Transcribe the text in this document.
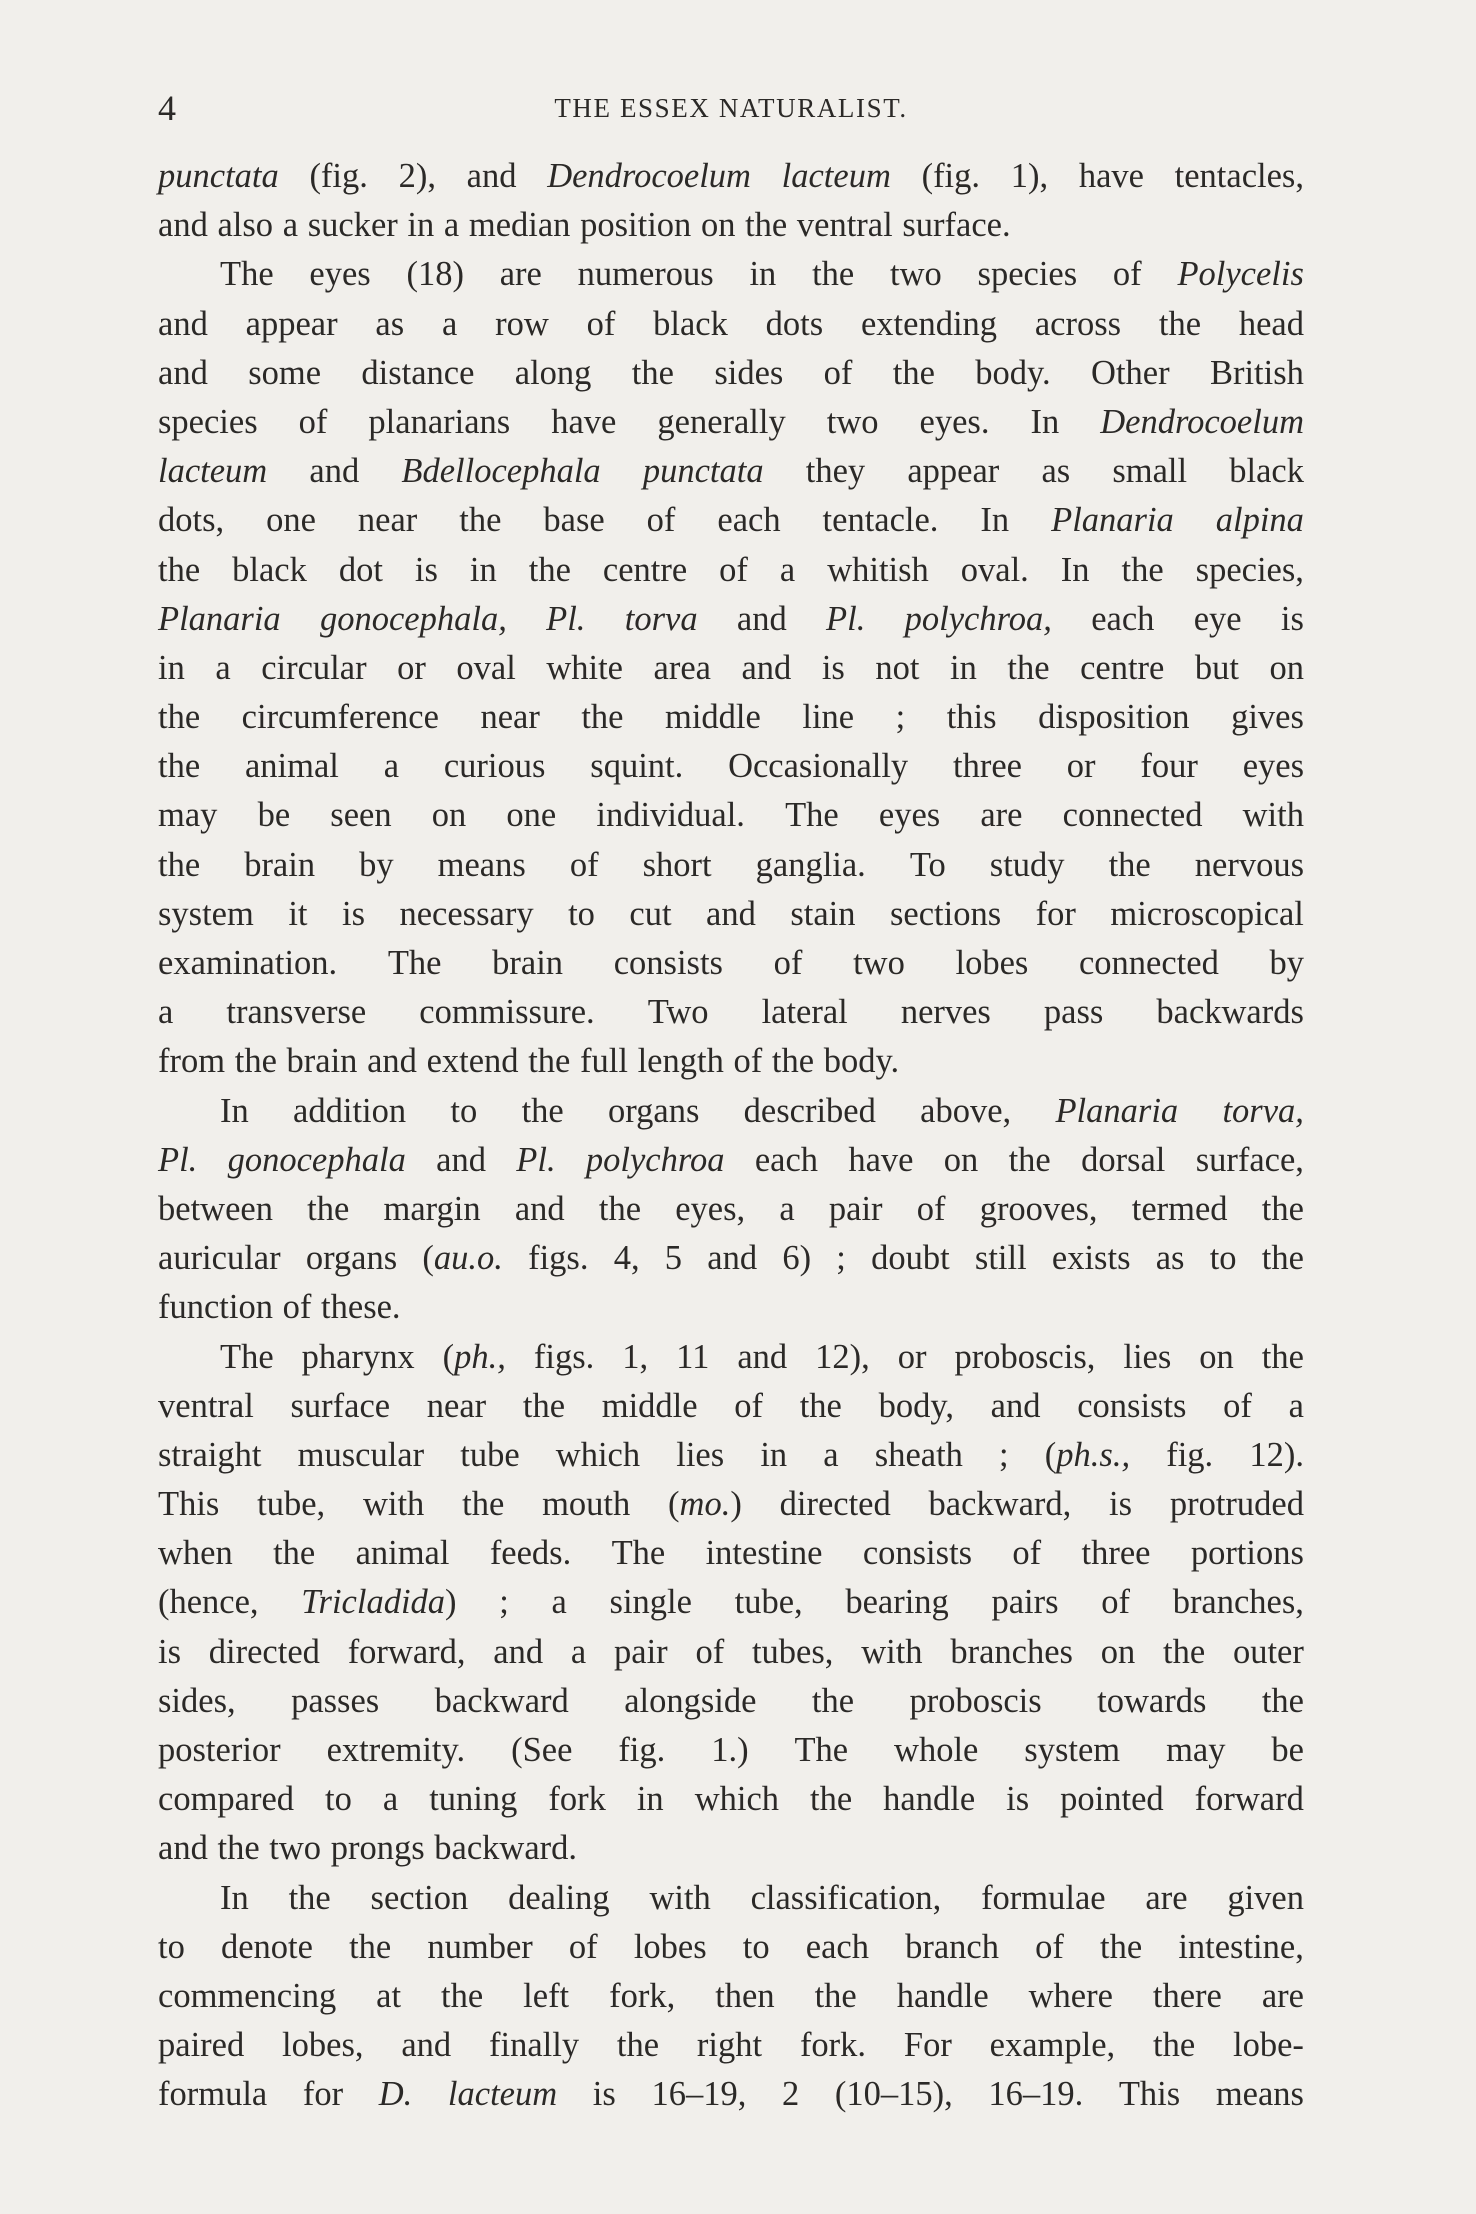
4	THE ESSEX NATURALIST.
punctata (fig. 2), and Dendrocoelum lacteum (fig. 1), have tentacles,
and also a sucker in a median position on the ventral surface.
The eyes (18) are numerous in the two species of Polycelis
and appear as a row of black dots extending across the head
and some distance along the sides of the body. Other British
species of planarians have generally two eyes. In Dendrocoelum
lacteum and Bdellocephala punctata they appear as small black
dots, one near the base of each tentacle. In Planaria alpina
the black dot is in the centre of a whitish oval. In the species,
Planaria gonocephala, Pl. torva and Pl. polychroa, each eye is
in a circular or oval white area and is not in the centre but on
the circumference near the middle line ; this disposition gives
the animal a curious squint. Occasionally three or four eyes
may be seen on one individual. The eyes are connected with
the brain by means of short ganglia. To study the nervous
system it is necessary to cut and stain sections for microscopical
examination. The brain consists of two lobes connected by
a transverse commissure. Two lateral nerves pass backwards
from the brain and extend the full length of the body.
In addition to the organs described above, Planaria torva,
Pl. gonocephala and Pl. polychroa each have on the dorsal surface,
between the margin and the eyes, a pair of grooves, termed the
auricular organs (au.o. figs. 4, 5 and 6) ; doubt still exists as to the
function of these.
The pharynx (ph., figs. 1, 11 and 12), or proboscis, lies on the
ventral surface near the middle of the body, and consists of a
straight muscular tube which lies in a sheath ; (ph.s., fig. 12).
This tube, with the mouth (mo.) directed backward, is protruded
when the animal feeds. The intestine consists of three portions
(hence, Tricladida) ; a single tube, bearing pairs of branches,
is directed forward, and a pair of tubes, with branches on the outer
sides, passes backward alongside the proboscis towards the
posterior extremity. (See fig. 1.) The whole system may be
compared to a tuning fork in which the handle is pointed forward
and the two prongs backward.
In the section dealing with classification, formulae are given
to denote the number of lobes to each branch of the intestine,
commencing at the left fork, then the handle where there are
paired lobes, and finally the right fork. For example, the lobe-
formula for D. lacteum is 16–19, 2 (10–15), 16–19. This means
